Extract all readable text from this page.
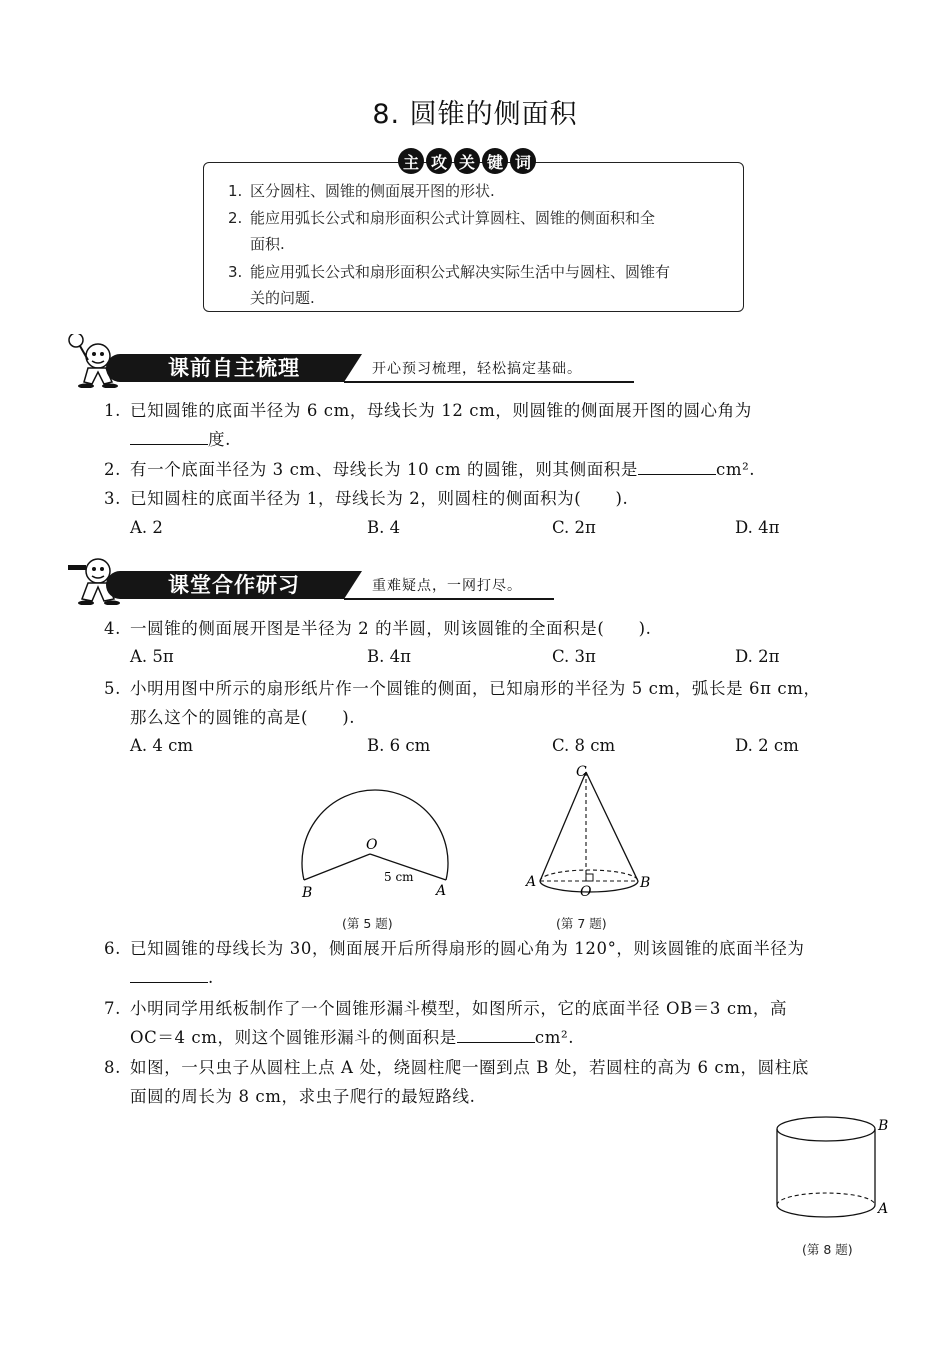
8. 圆锥的侧面积
主 攻 关 键 词
1. 区分圆柱、圆锥的侧面展开图的形状.
2. 能应用弧长公式和扇形面积公式计算圆柱、圆锥的侧面积和全
面积.
3. 能应用弧长公式和扇形面积公式解决实际生活中与圆柱、圆锥有
关的问题.
课前自主梳理	开心预习梳理，轻松搞定基础。
1. 已知圆锥的底面半径为 6 cm，母线长为 12 cm，则圆锥的侧面展开图的圆心角为
度.
2. 有一个底面半径为 3 cm、母线长为 10 cm 的圆锥，则其侧面积是	cm².
3. 已知圆柱的底面半径为 1，母线长为 2，则圆柱的侧面积为(　　).
A. 2	B. 4	C. 2π	D. 4π
课堂合作研习	重难疑点，一网打尽。
4. 一圆锥的侧面展开图是半径为 2 的半圆，则该圆锥的全面积是(　　).
A. 5π	B. 4π	C. 3π	D. 2π
5. 小明用图中所示的扇形纸片作一个圆锥的侧面，已知扇形的半径为 5 cm，弧长是 6π cm，
那么这个的圆锥的高是(　　).
A. 4 cm	B. 6 cm	C. 8 cm	D. 2 cm
O
B	A
5 cm
(第 5 题)
C
A	B
O
(第 7 题)
6. 已知圆锥的母线长为 30，侧面展开后所得扇形的圆心角为 120°，则该圆锥的底面半径为
.
7. 小明同学用纸板制作了一个圆锥形漏斗模型，如图所示，它的底面半径 OB＝3 cm，高
OC＝4 cm，则这个圆锥形漏斗的侧面积是	cm².
8. 如图，一只虫子从圆柱上点 A 处，绕圆柱爬一圈到点 B 处，若圆柱的高为 6 cm，圆柱底
面圆的周长为 8 cm，求虫子爬行的最短路线.
B
A
(第 8 题)
